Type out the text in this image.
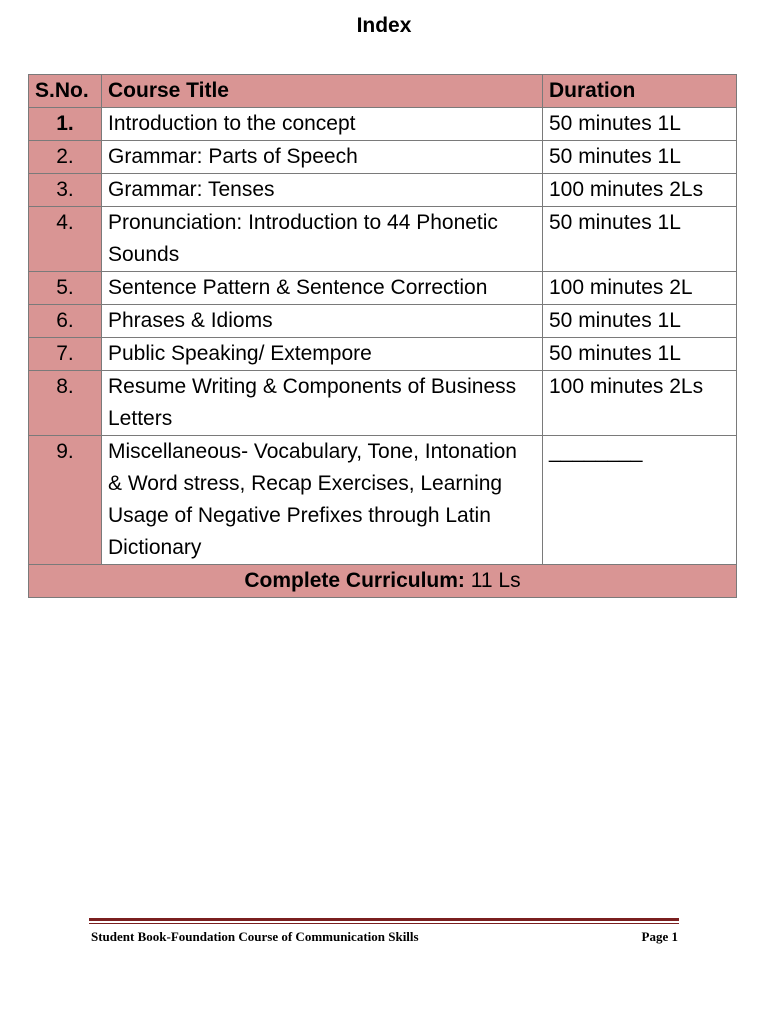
Index
S.No.	Course Title	Duration
1.	Introduction to the concept	50 minutes 1L
2.	Grammar: Parts of Speech	50 minutes 1L
3.	Grammar: Tenses	100 minutes 2Ls
4.	Pronunciation: Introduction to 44 Phonetic Sounds	50 minutes 1L
5.	Sentence Pattern & Sentence Correction	100 minutes 2L
6.	Phrases & Idioms	50 minutes 1L
7.	Public Speaking/ Extempore	50 minutes 1L
8.	Resume Writing & Components of Business Letters	100 minutes 2Ls
9.	Miscellaneous- Vocabulary, Tone, Intonation & Word stress, Recap Exercises, Learning Usage of Negative Prefixes through Latin Dictionary	________
Complete Curriculum: 11 Ls		
Student Book-Foundation Course of Communication Skills	Page 1
